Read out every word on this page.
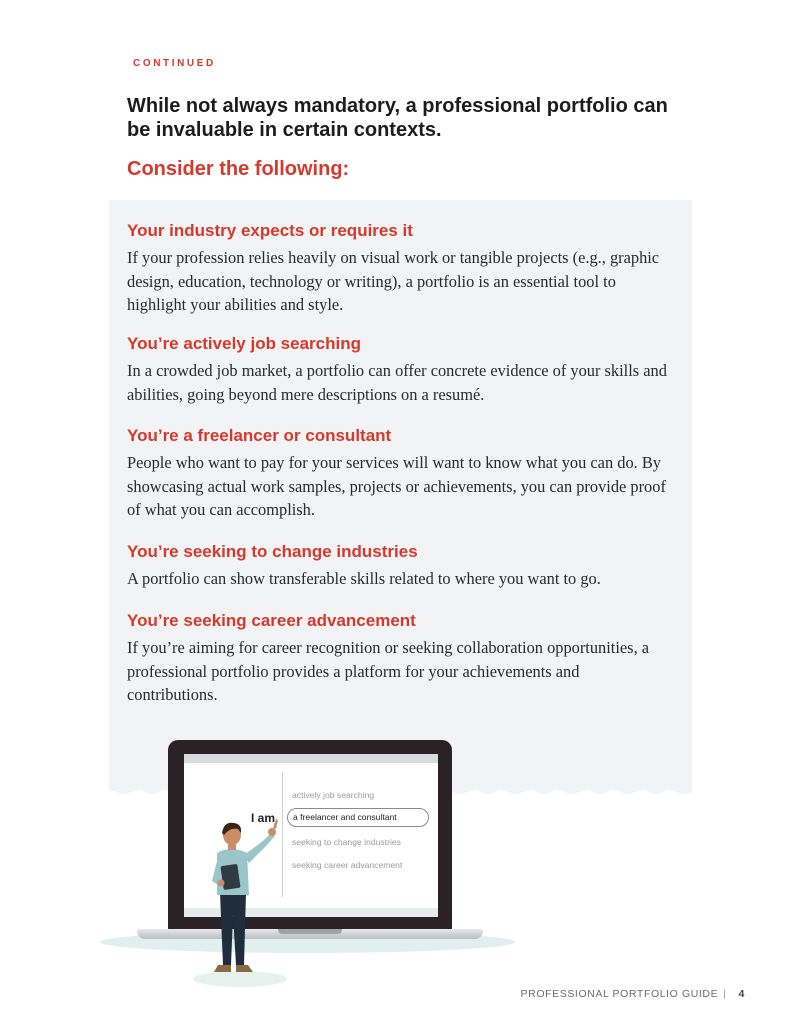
CONTINUED
While not always mandatory, a professional portfolio can be invaluable in certain contexts.
Consider the following:
Your industry expects or requires it

If your profession relies heavily on visual work or tangible projects (e.g., graphic design, education, technology or writing), a portfolio is an essential tool to highlight your abilities and style.

You’re actively job searching

In a crowded job market, a portfolio can offer concrete evidence of your skills and abilities, going beyond mere descriptions on a resumé.

You’re a freelancer or consultant

People who want to pay for your services will want to know what you can do. By showcasing actual work samples, projects or achievements, you can provide proof of what you can accomplish.

You’re seeking to change industries

A portfolio can show transferable skills related to where you want to go.

You’re seeking career advancement

If you’re aiming for career recognition or seeking collaboration opportunities, a professional portfolio provides a platform for your achievements and contributions.

I am
actively job searching
a freelancer and consultant
seeking to change industries
seeking career advancement
PROFESSIONAL PORTFOLIO GUIDE | 4
